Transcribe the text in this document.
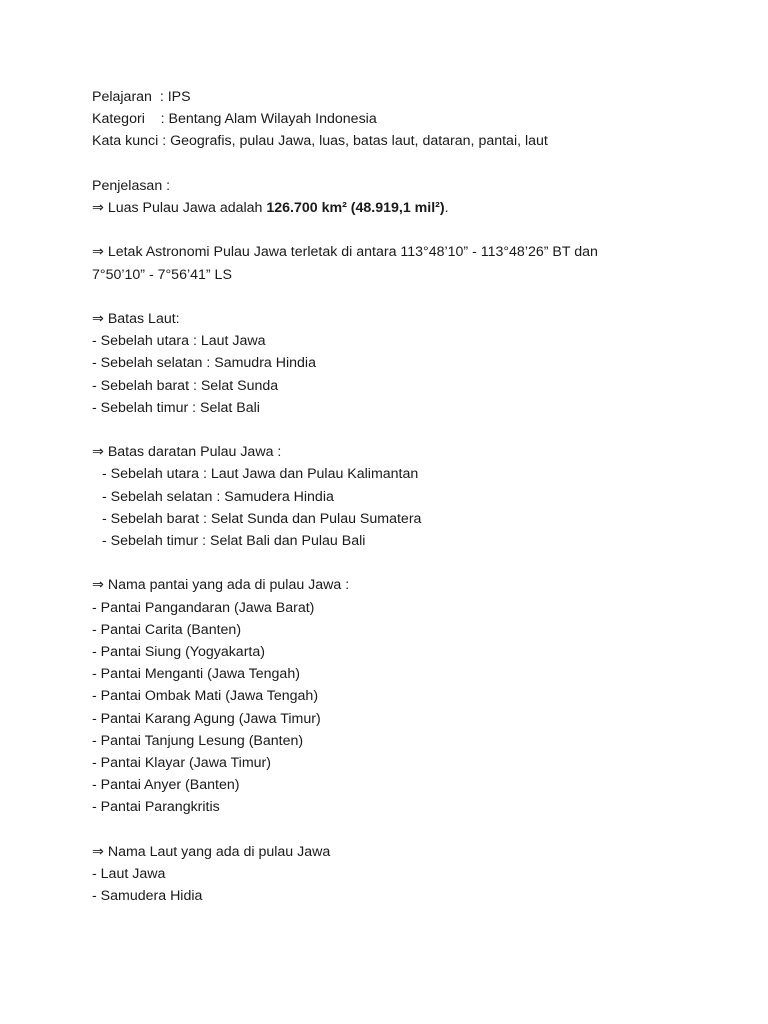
Pelajaran  : IPS
Kategori    : Bentang Alam Wilayah Indonesia
Kata kunci : Geografis, pulau Jawa, luas, batas laut, dataran, pantai, laut
Penjelasan :
⇒ Luas Pulau Jawa adalah 126.700 km² (48.919,1 mil²).
⇒ Letak Astronomi Pulau Jawa terletak di antara 113°48’10” - 113°48’26” BT dan
7°50’10” - 7°56’41” LS
⇒ Batas Laut:
- Sebelah utara : Laut Jawa
- Sebelah selatan : Samudra Hindia
- Sebelah barat : Selat Sunda
- Sebelah timur : Selat Bali
⇒ Batas daratan Pulau Jawa :
- Sebelah utara : Laut Jawa dan Pulau Kalimantan
- Sebelah selatan : Samudera Hindia
- Sebelah barat : Selat Sunda dan Pulau Sumatera
- Sebelah timur : Selat Bali dan Pulau Bali
⇒ Nama pantai yang ada di pulau Jawa :
- Pantai Pangandaran (Jawa Barat)
- Pantai Carita (Banten)
- Pantai Siung (Yogyakarta)
- Pantai Menganti (Jawa Tengah)
- Pantai Ombak Mati (Jawa Tengah)
- Pantai Karang Agung (Jawa Timur)
- Pantai Tanjung Lesung (Banten)
- Pantai Klayar (Jawa Timur)
- Pantai Anyer (Banten)
- Pantai Parangkritis
⇒ Nama Laut yang ada di pulau Jawa
- Laut Jawa
- Samudera Hidia
